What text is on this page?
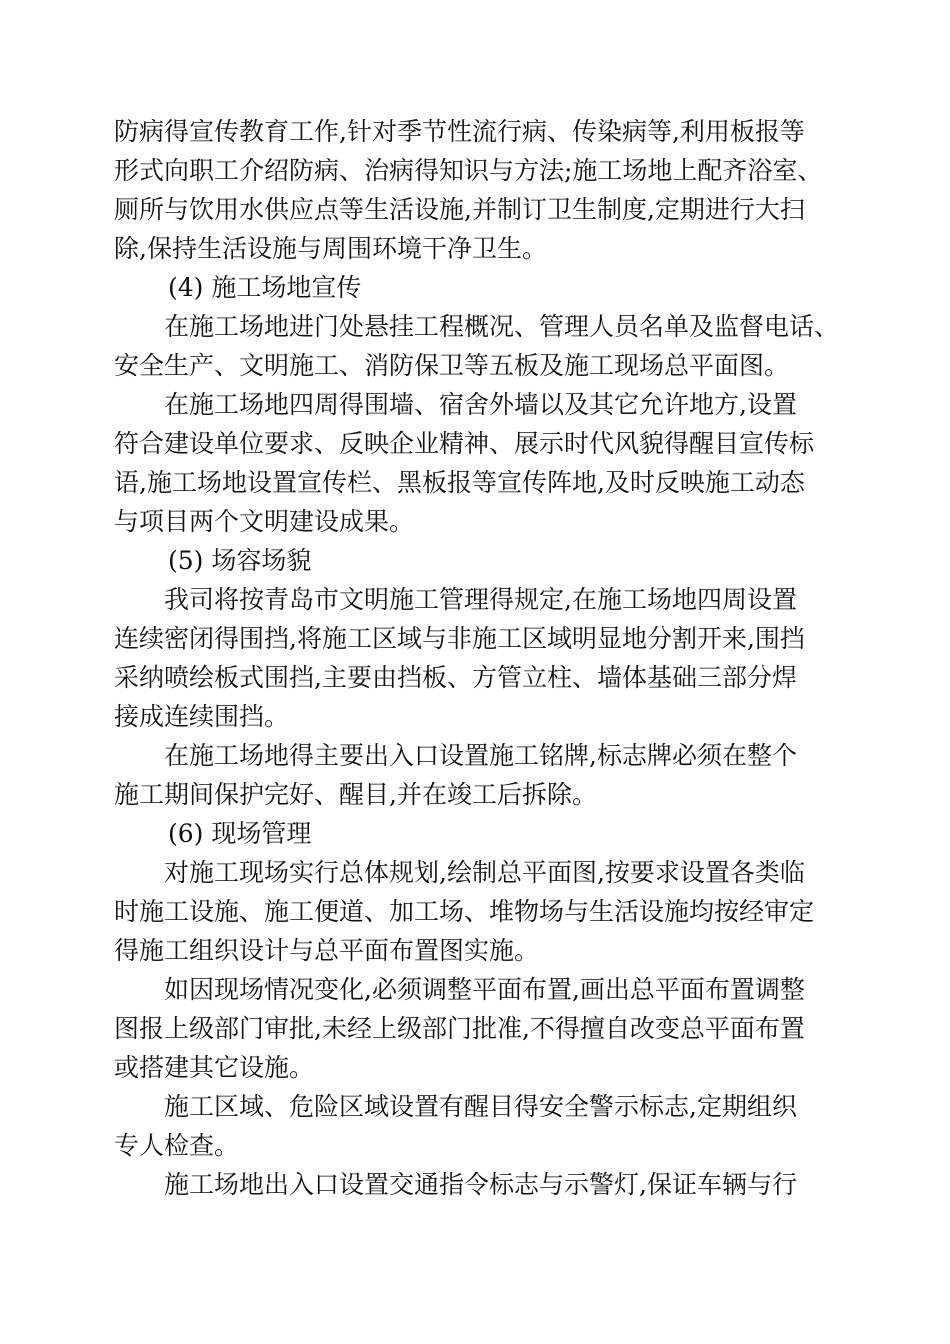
防病得宣传教育工作,针对季节性流行病、传染病等,利用板报等
形式向职工介绍防病、治病得知识与方法;施工场地上配齐浴室、
厕所与饮用水供应点等生活设施,并制订卫生制度,定期进行大扫
除,保持生活设施与周围环境干净卫生。
(4) 施工场地宣传
在施工场地进门处悬挂工程概况、管理人员名单及监督电话、
安全生产、文明施工、消防保卫等五板及施工现场总平面图。
在施工场地四周得围墙、宿舍外墙以及其它允许地方,设置
符合建设单位要求、反映企业精神、展示时代风貌得醒目宣传标
语,施工场地设置宣传栏、黑板报等宣传阵地,及时反映施工动态
与项目两个文明建设成果。
(5) 场容场貌
我司将按青岛市文明施工管理得规定,在施工场地四周设置
连续密闭得围挡,将施工区域与非施工区域明显地分割开来,围挡
采纳喷绘板式围挡,主要由挡板、方管立柱、墙体基础三部分焊
接成连续围挡。
在施工场地得主要出入口设置施工铭牌,标志牌必须在整个
施工期间保护完好、醒目,并在竣工后拆除。
(6) 现场管理
对施工现场实行总体规划,绘制总平面图,按要求设置各类临
时施工设施、施工便道、加工场、堆物场与生活设施均按经审定
得施工组织设计与总平面布置图实施。
如因现场情况变化,必须调整平面布置,画出总平面布置调整
图报上级部门审批,未经上级部门批准,不得擅自改变总平面布置
或搭建其它设施。
施工区域、危险区域设置有醒目得安全警示标志,定期组织
专人检查。
施工场地出入口设置交通指令标志与示警灯,保证车辆与行
